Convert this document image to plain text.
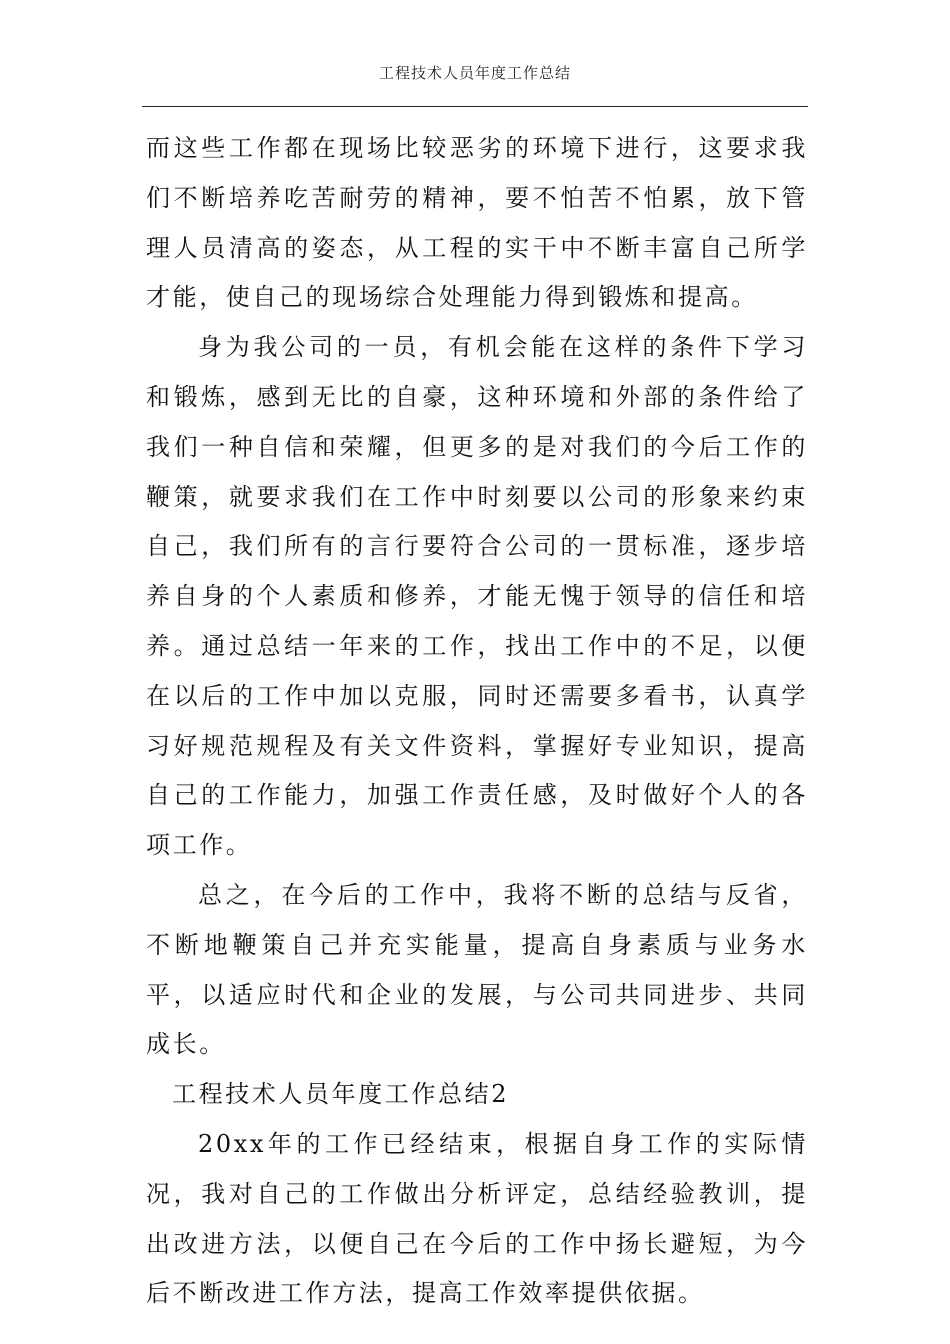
工程技术人员年度工作总结

而这些工作都在现场比较恶劣的环境下进行，这要求我们不断培养吃苦耐劳的精神，要不怕苦不怕累，放下管理人员清高的姿态，从工程的实干中不断丰富自己所学才能，使自己的现场综合处理能力得到锻炼和提高。

身为我公司的一员，有机会能在这样的条件下学习和锻炼，感到无比的自豪，这种环境和外部的条件给了我们一种自信和荣耀，但更多的是对我们的今后工作的鞭策，就要求我们在工作中时刻要以公司的形象来约束自己，我们所有的言行要符合公司的一贯标准，逐步培养自身的个人素质和修养，才能无愧于领导的信任和培养。通过总结一年来的工作，找出工作中的不足，以便在以后的工作中加以克服，同时还需要多看书，认真学习好规范规程及有关文件资料，掌握好专业知识，提高自己的工作能力，加强工作责任感，及时做好个人的各项工作。

总之，在今后的工作中，我将不断的总结与反省，不断地鞭策自己并充实能量，提高自身素质与业务水平，以适应时代和企业的发展，与公司共同进步、共同成长。

工程技术人员年度工作总结2

20xx年的工作已经结束，根据自身工作的实际情况，我对自己的工作做出分析评定，总结经验教训，提出改进方法，以便自己在今后的工作中扬长避短，为今后不断改进工作方法，提高工作效率提供依据。
